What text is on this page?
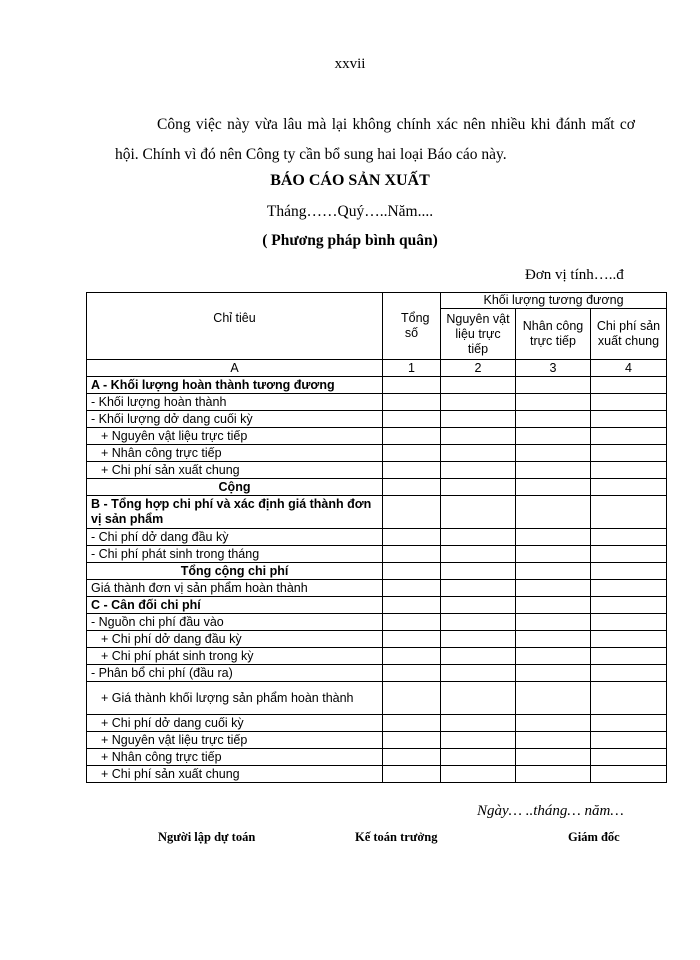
xxvii
Công việc này vừa lâu mà lại không chính xác nên nhiều khi đánh mất cơ hội. Chính vì đó nên Công ty cần bổ sung hai loại Báo cáo này.
BÁO CÁO SẢN XUẤT
Tháng……Quý…..Năm....
( Phương pháp bình quân)
Đơn vị tính…..đ
Chỉ tiêu	Tổng số	Khối lượng tương đương		
		Nguyên vật liệu trực tiếp	Nhân công trực tiếp	Chi phí sản xuất chung
A	1	2	3	4
A - Khối lượng hoàn thành tương đương				
- Khối lượng hoàn thành				
- Khối lượng dở dang cuối kỳ				
+ Nguyên vật liệu trực tiếp				
+ Nhân công trực tiếp				
+ Chi phí sản xuất chung				
Cộng				
B - Tổng hợp chi phí và xác định giá thành đơn vị sản phẩm				
- Chi phí dở dang đầu kỳ				
- Chi phí phát sinh trong tháng				
Tổng cộng chi phí				
Giá thành đơn vị sản phẩm hoàn thành				
C - Cân đối chi phí				
- Nguồn chi phí đầu vào				
+ Chi phí dở dang đầu kỳ				
+ Chi phí phát sinh trong kỳ				
- Phân bổ chi phí (đầu ra)				
+ Giá thành khối lượng sản phẩm hoàn thành				
+ Chi phí dở dang cuối kỳ				
+ Nguyên vật liệu trực tiếp				
+ Nhân công trực tiếp				
+ Chi phí sản xuất chung				
Ngày… ..tháng… năm…
Người lập dự toán	Kế toán trưởng	Giám đốc
